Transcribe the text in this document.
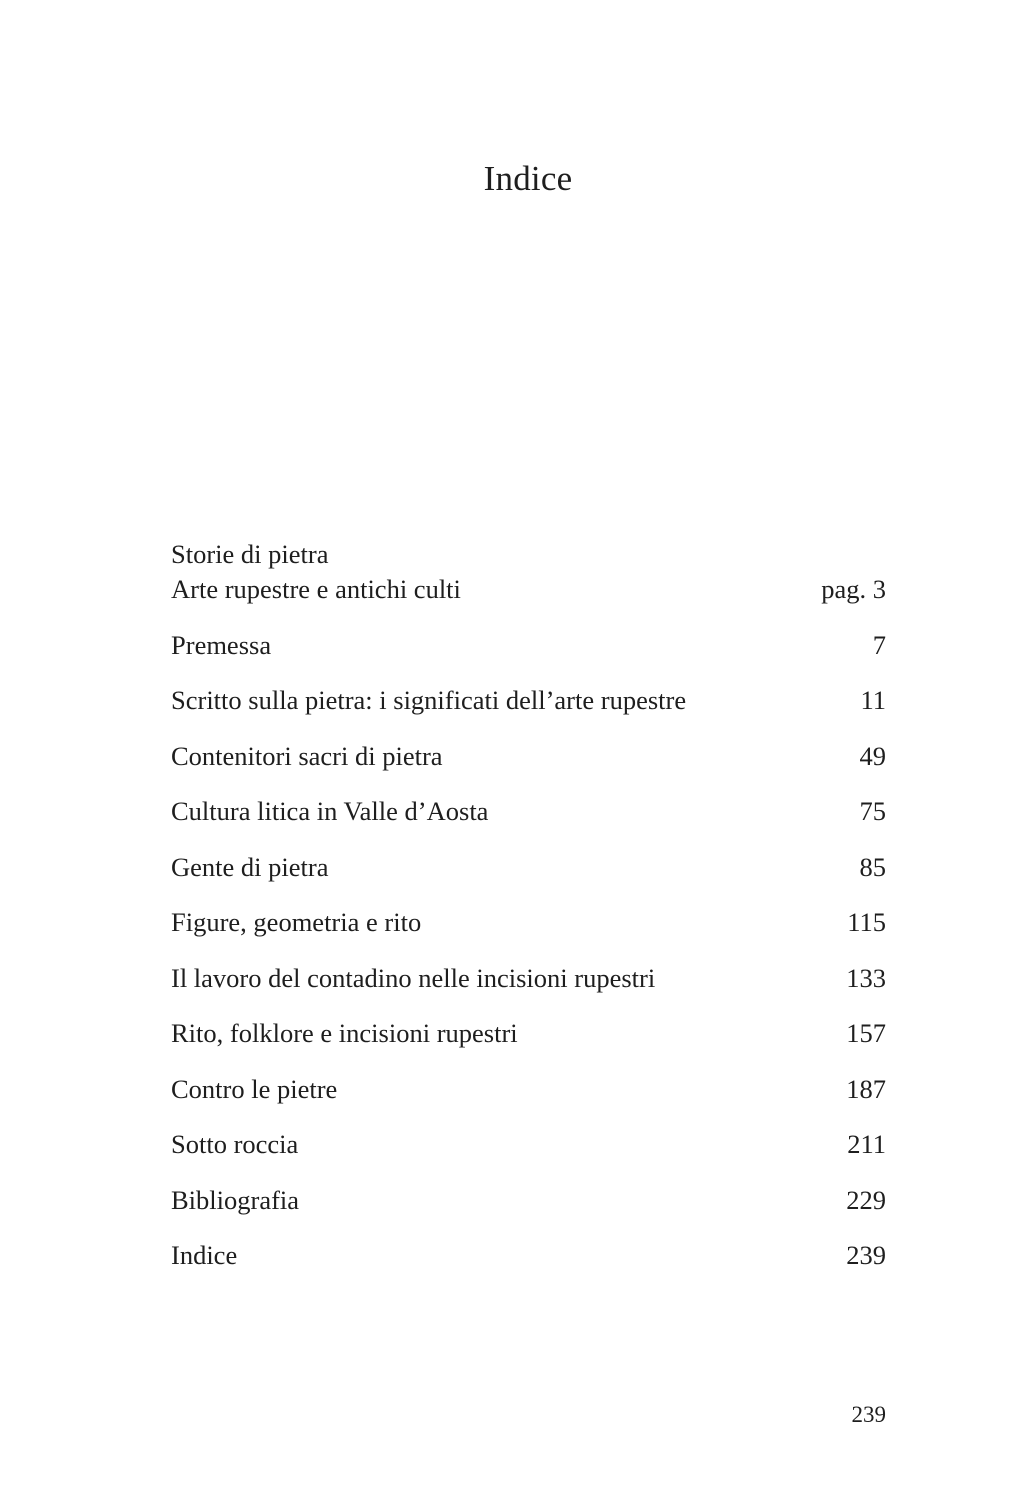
Indice
Storie di pietra
Arte rupestre e antichi culti	pag. 3
Premessa	7
Scritto sulla pietra: i significati dell’arte rupestre	11
Contenitori sacri di pietra	49
Cultura litica in Valle d’Aosta	75
Gente di pietra	85
Figure, geometria e rito	115
Il lavoro del contadino nelle incisioni rupestri	133
Rito, folklore e incisioni rupestri	157
Contro le pietre	187
Sotto roccia	211
Bibliografia	229
Indice	239
239
